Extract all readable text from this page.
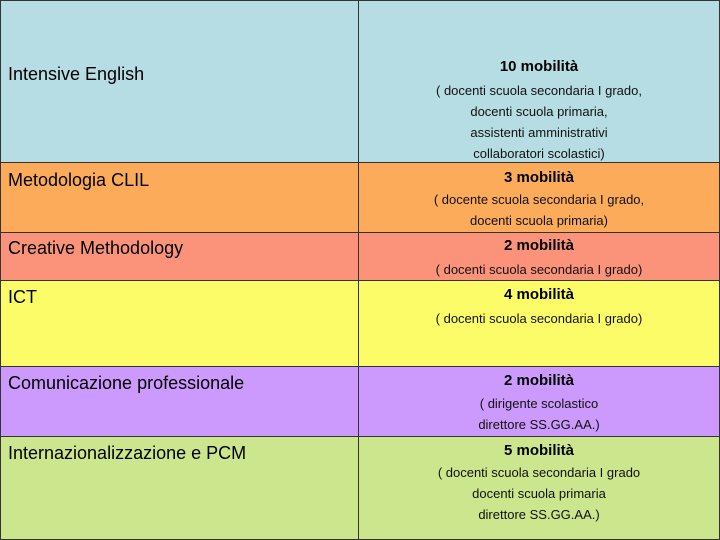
Intensive English	10 mobilità
( docenti scuola secondaria I grado,
docenti scuola primaria,
assistenti amministrativi
collaboratori scolastici)
Metodologia CLIL	3 mobilità
( docente scuola secondaria I grado,
docenti scuola primaria)
Creative Methodology	2 mobilità
( docenti scuola secondaria I grado)
ICT	4 mobilità
( docenti scuola secondaria I grado)
Comunicazione professionale	2 mobilità
( dirigente scolastico
direttore SS.GG.AA.)
Internazionalizzazione e PCM	5 mobilità
( docenti scuola secondaria I grado
docenti scuola primaria
direttore SS.GG.AA.)
